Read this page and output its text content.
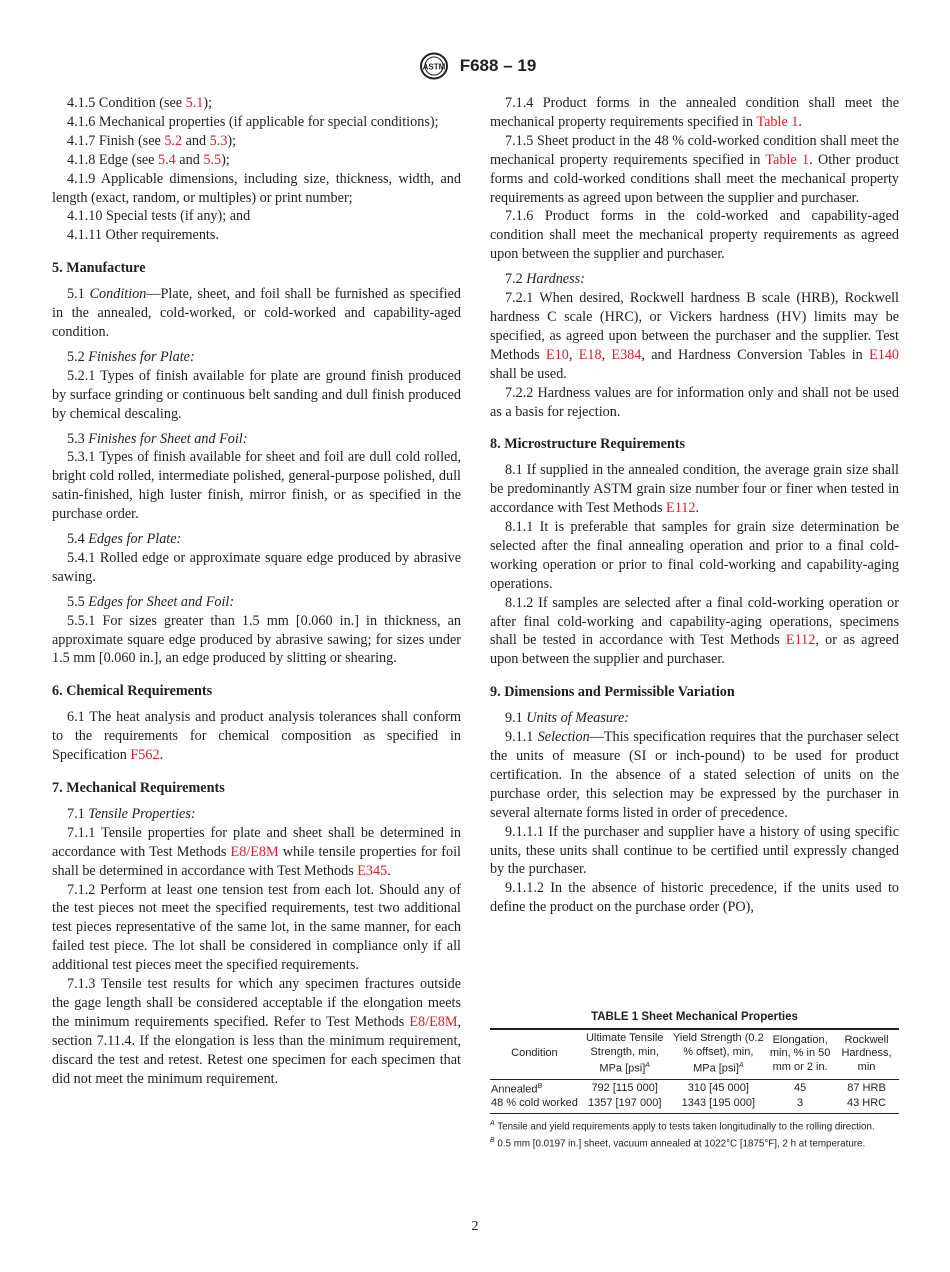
ASTM F688 – 19

4.1.5 Condition (see 5.1);

4.1.6 Mechanical properties (if applicable for special conditions);

4.1.7 Finish (see 5.2 and 5.3);

4.1.8 Edge (see 5.4 and 5.5);

4.1.9 Applicable dimensions, including size, thickness, width, and length (exact, random, or multiples) or print number;

4.1.10 Special tests (if any); and

4.1.11 Other requirements.

5. Manufacture

5.1 Condition—Plate, sheet, and foil shall be furnished as specified in the annealed, cold-worked, or cold-worked and capability-aged condition.

5.2 Finishes for Plate:

5.2.1 Types of finish available for plate are ground finish produced by surface grinding or continuous belt sanding and dull finish produced by chemical descaling.

5.3 Finishes for Sheet and Foil:

5.3.1 Types of finish available for sheet and foil are dull cold rolled, bright cold rolled, intermediate polished, general-purpose polished, dull satin-finished, high luster finish, mirror finish, or as specified in the purchase order.

5.4 Edges for Plate:

5.4.1 Rolled edge or approximate square edge produced by abrasive sawing.

5.5 Edges for Sheet and Foil:

5.5.1 For sizes greater than 1.5 mm [0.060 in.] in thickness, an approximate square edge produced by abrasive sawing; for sizes under 1.5 mm [0.060 in.], an edge produced by slitting or shearing.

6. Chemical Requirements

6.1 The heat analysis and product analysis tolerances shall conform to the requirements for chemical composition as specified in Specification F562.

7. Mechanical Requirements

7.1 Tensile Properties:

7.1.1 Tensile properties for plate and sheet shall be determined in accordance with Test Methods E8/E8M while tensile properties for foil shall be determined in accordance with Test Methods E345.

7.1.2 Perform at least one tension test from each lot. Should any of the test pieces not meet the specified requirements, test two additional test pieces representative of the same lot, in the same manner, for each failed test piece. The lot shall be considered in compliance only if all additional test pieces meet the specified requirements.

7.1.3 Tensile test results for which any specimen fractures outside the gage length shall be considered acceptable if the elongation meets the minimum requirements specified. Refer to Test Methods E8/E8M, section 7.11.4. If the elongation is less than the minimum requirement, discard the test and retest. Retest one specimen for each specimen that did not meet the minimum requirement.

7.1.4 Product forms in the annealed condition shall meet the mechanical property requirements specified in Table 1.

7.1.5 Sheet product in the 48 % cold-worked condition shall meet the mechanical property requirements specified in Table 1. Other product forms and cold-worked conditions shall meet the mechanical property requirements as agreed upon between the supplier and purchaser.

7.1.6 Product forms in the cold-worked and capability-aged condition shall meet the mechanical property requirements as agreed upon between the supplier and purchaser.

7.2 Hardness:

7.2.1 When desired, Rockwell hardness B scale (HRB), Rockwell hardness C scale (HRC), or Vickers hardness (HV) limits may be specified, as agreed upon between the purchaser and the supplier. Test Methods E10, E18, E384, and Hardness Conversion Tables in E140 shall be used.

7.2.2 Hardness values are for information only and shall not be used as a basis for rejection.

8. Microstructure Requirements

8.1 If supplied in the annealed condition, the average grain size shall be predominantly ASTM grain size number four or finer when tested in accordance with Test Methods E112.

8.1.1 It is preferable that samples for grain size determination be selected after the final annealing operation and prior to a final cold-working operation or prior to final cold-working and capability-aging operations.

8.1.2 If samples are selected after a final cold-working operation or after final cold-working and capability-aging operations, specimens shall be tested in accordance with Test Methods E112, or as agreed upon between the supplier and purchaser.

9. Dimensions and Permissible Variation

9.1 Units of Measure:

9.1.1 Selection—This specification requires that the purchaser select the units of measure (SI or inch-pound) to be used for product certification. In the absence of a stated selection of units on the purchase order, this selection may be expressed by the purchaser in several alternate forms listed in order of precedence.

9.1.1.1 If the purchaser and supplier have a history of using specific units, these units shall continue to be certified until expressly changed by the purchaser.

9.1.1.2 In the absence of historic precedence, if the units used to define the product on the purchase order (PO),

TABLE 1 Sheet Mechanical Properties
Condition	Ultimate Tensile Strength, min, MPa [psi]$^A$	Yield Strength (0.2 % offset), min, MPa [psi]$^A$	Elongation, min, % in 50 mm or 2 in.	Rockwell Hardness, min
Annealed$^B$	792 [115 000]	310 [45 000]	45	87 HRB
48 % cold worked	1357 [197 000]	1343 [195 000]	3	43 HRC
$^A$ Tensile and yield requirements apply to tests taken longitudinally to the rolling direction.
$^B$ 0.5 mm [0.0197 in.] sheet, vacuum annealed at 1022°C [1875°F], 2 h at temperature.
2
